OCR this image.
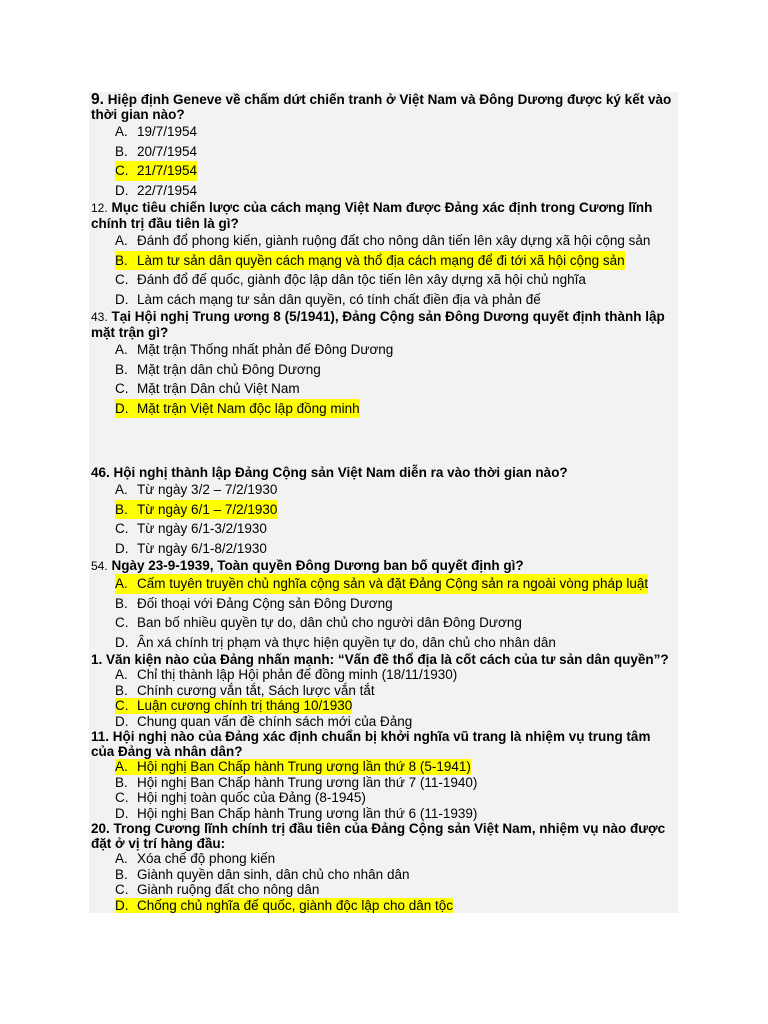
9. Hiệp định Geneve về chấm dứt chiến tranh ở Việt Nam và Đông Dương được ký kết vào thời gian nào?

A. 19/7/1954
B. 20/7/1954
C. 21/7/1954
D. 22/7/1954

12. Mục tiêu chiến lược của cách mạng Việt Nam được Đảng xác định trong Cương lĩnh chính trị đầu tiên là gì?

A. Đánh đổ phong kiến, giành ruộng đất cho nông dân tiến lên xây dựng xã hội cộng sản
B. Làm tư sản dân quyền cách mạng và thổ địa cách mạng để đi tới xã hội cộng sản
C. Đánh đổ đế quốc, giành độc lập dân tộc tiến lên xây dựng xã hội chủ nghĩa
D. Làm cách mạng tư sản dân quyền, có tính chất điền địa và phản đế

43. Tại Hội nghị Trung ương 8 (5/1941), Đảng Cộng sản Đông Dương quyết định thành lập mặt trận gì?

A. Mặt trận Thống nhất phản đế Đông Dương
B. Mặt trận dân chủ Đông Dương
C. Mặt trận Dân chủ Việt Nam
D. Mặt trận Việt Nam độc lập đồng minh

46. Hội nghị thành lập Đảng Cộng sản Việt Nam diễn ra vào thời gian nào?

A. Từ ngày 3/2 – 7/2/1930
B. Từ ngày 6/1 – 7/2/1930
C. Từ ngày 6/1-3/2/1930
D. Từ ngày 6/1-8/2/1930

54. Ngày 23-9-1939, Toàn quyền Đông Dương ban bố quyết định gì?

A. Cấm tuyên truyền chủ nghĩa cộng sản và đặt Đảng Cộng sản ra ngoài vòng pháp luật
B. Đối thoại với Đảng Cộng sản Đông Dương
C. Ban bố nhiều quyền tự do, dân chủ cho người dân Đông Dương
D. Ân xá chính trị phạm và thực hiện quyền tự do, dân chủ cho nhân dân

1. Văn kiện nào của Đảng nhấn mạnh: “Vấn đề thổ địa là cốt cách của tư sản dân quyền”?

A. Chỉ thị thành lập Hội phản đế đồng minh (18/11/1930)
B. Chính cương vắn tắt, Sách lược vắn tắt
C. Luận cương chính trị tháng 10/1930
D. Chung quan vấn đề chính sách mới của Đảng

11. Hội nghị nào của Đảng xác định chuẩn bị khởi nghĩa vũ trang là nhiệm vụ trung tâm của Đảng và nhân dân?

A. Hội nghị Ban Chấp hành Trung ương lần thứ 8 (5-1941)
B. Hội nghị Ban Chấp hành Trung ương lần thứ 7 (11-1940)
C. Hội nghị toàn quốc của Đảng (8-1945)
D. Hội nghị Ban Chấp hành Trung ương lần thứ 6 (11-1939)

20. Trong Cương lĩnh chính trị đầu tiên của Đảng Cộng sản Việt Nam, nhiệm vụ nào được đặt ở vị trí hàng đầu:

A. Xóa chế độ phong kiến
B. Giành quyền dân sinh, dân chủ cho nhân dân
C. Giành ruộng đất cho nông dân
D. Chống chủ nghĩa đế quốc, giành độc lập cho dân tộc
